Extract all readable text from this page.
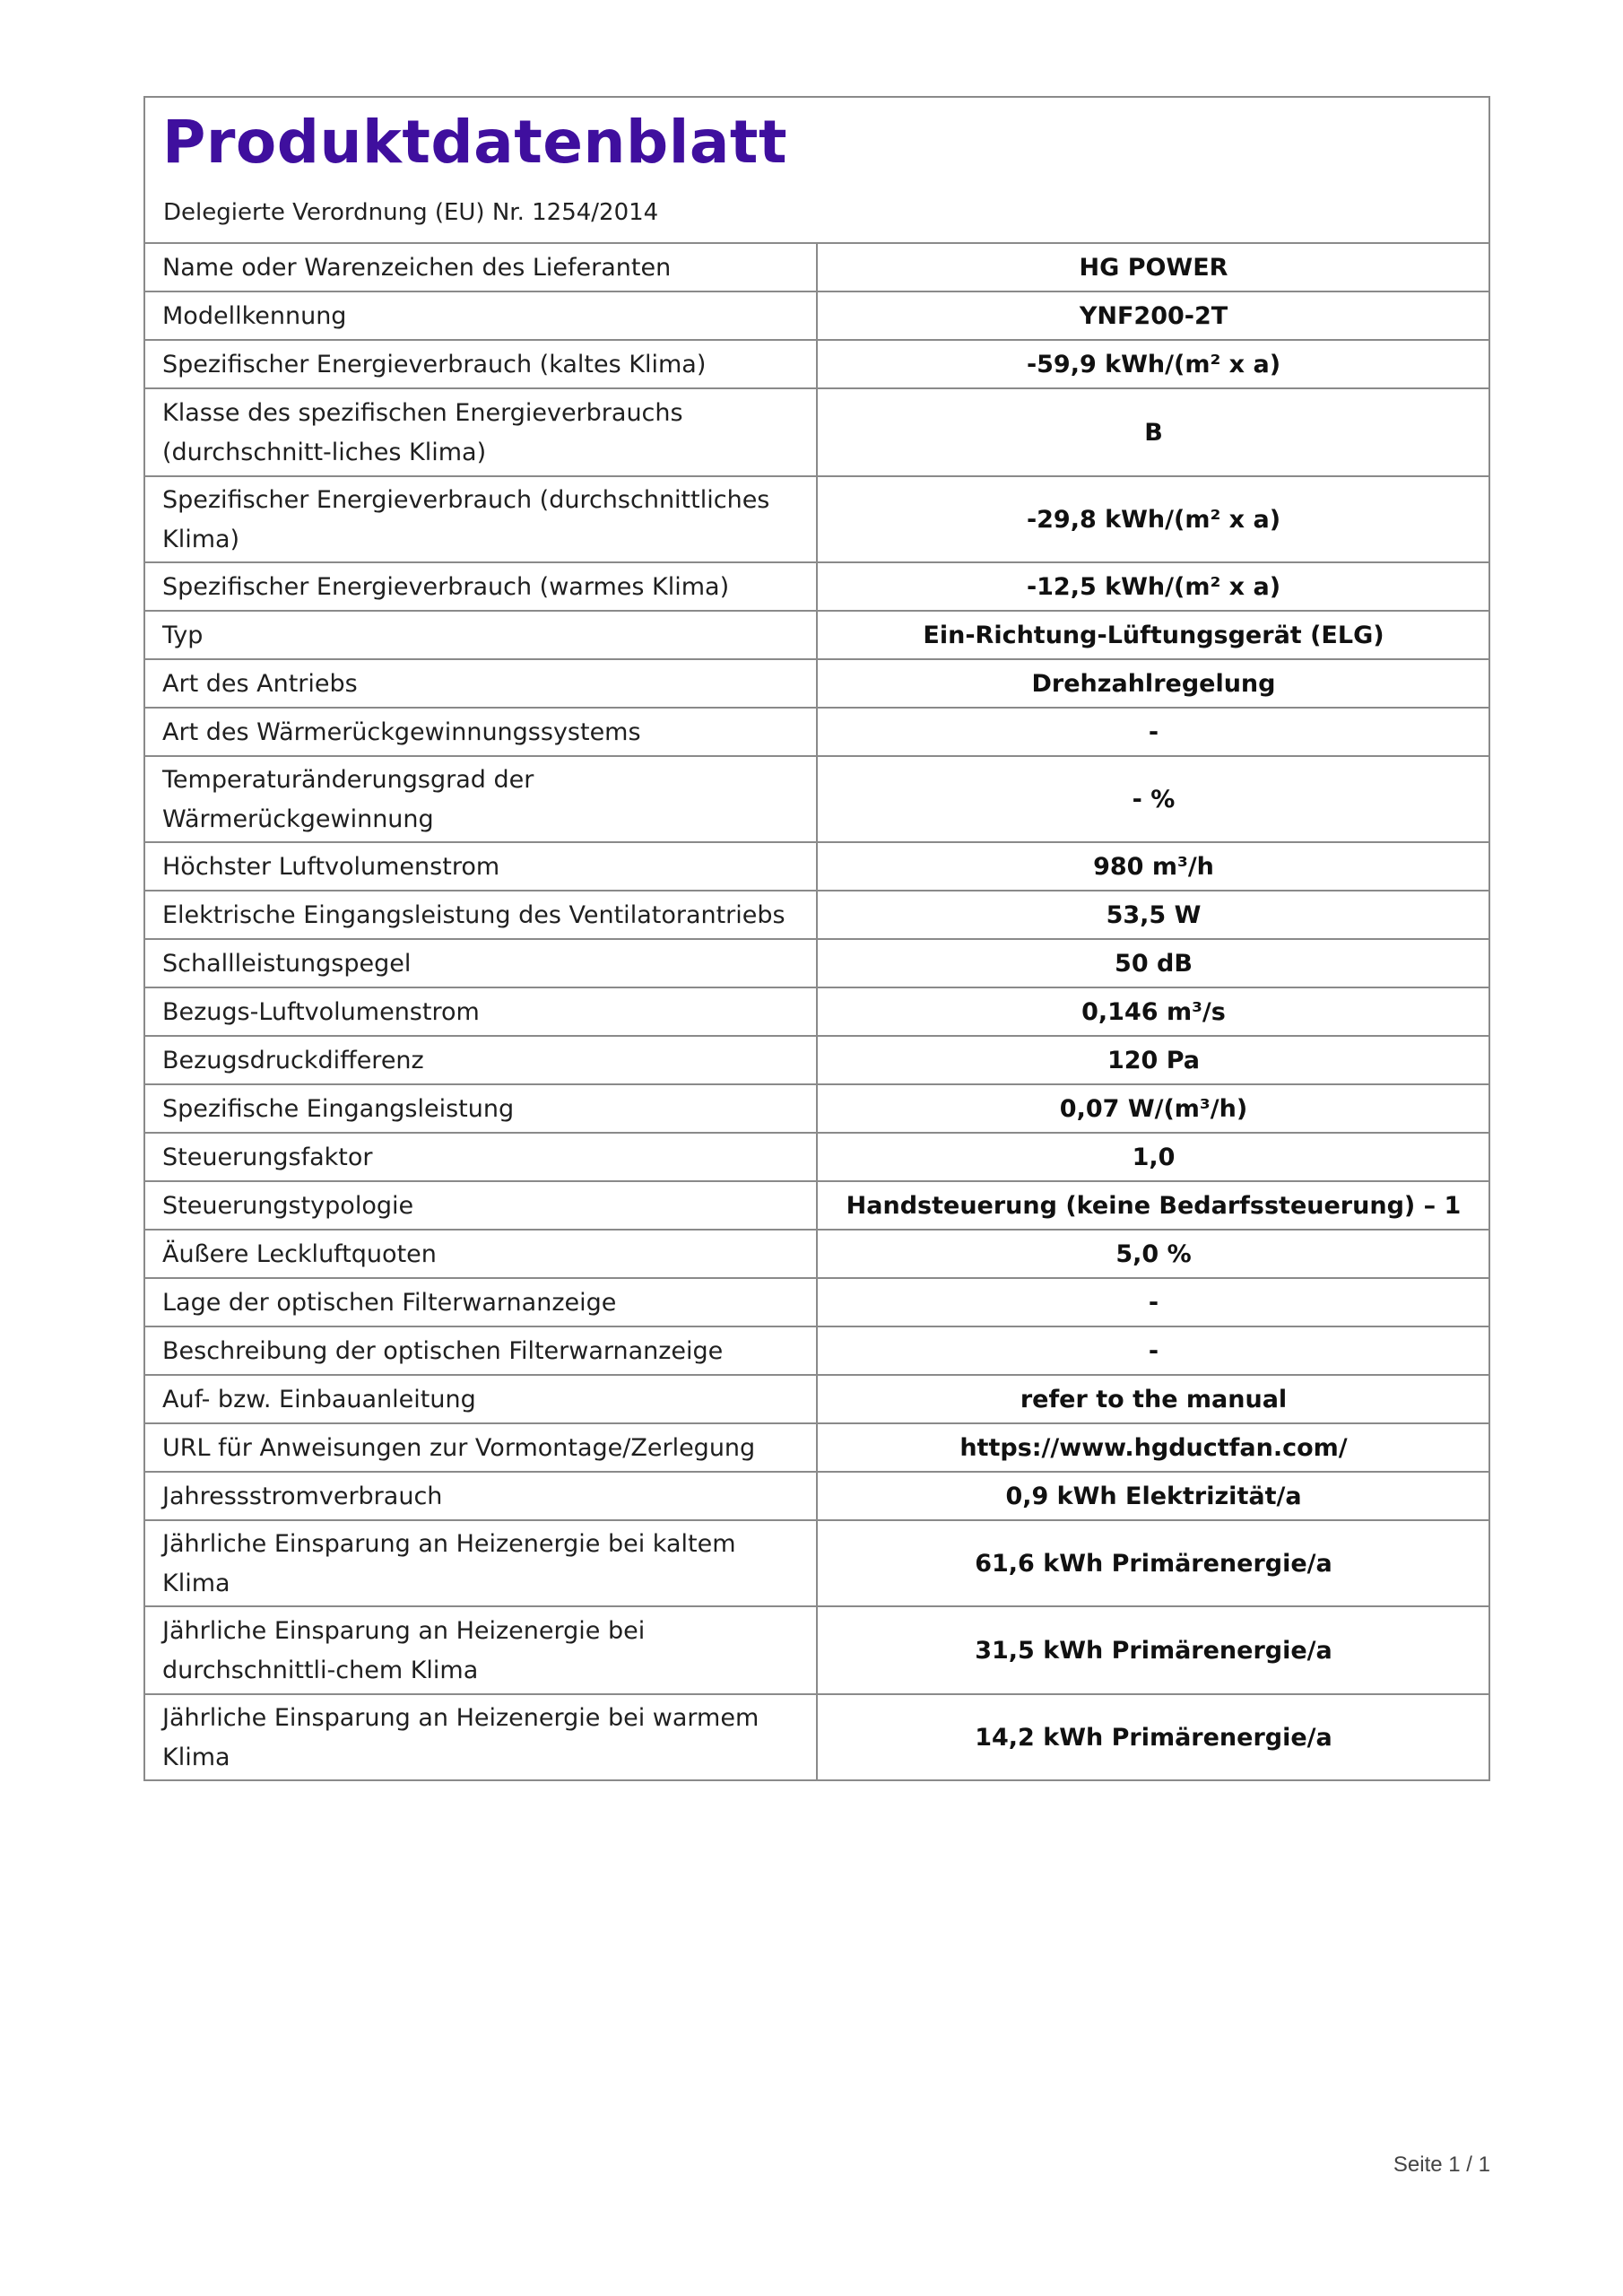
Produktdatenblatt
Delegierte Verordnung (EU) Nr. 1254/2014
Name oder Warenzeichen des Lieferanten	HG POWER
Modellkennung	YNF200-2T
Spezifischer Energieverbrauch (kaltes Klima)	-59,9 kWh/(m² x a)
Klasse des spezifischen Energieverbrauchs (durchschnitt-liches Klima)	B
Spezifischer Energieverbrauch (durchschnittliches Klima)	-29,8 kWh/(m² x a)
Spezifischer Energieverbrauch (warmes Klima)	-12,5 kWh/(m² x a)
Typ	Ein-Richtung-Lüftungsgerät (ELG)
Art des Antriebs	Drehzahlregelung
Art des Wärmerückgewinnungssystems	-
Temperaturänderungsgrad der Wärmerückgewinnung	- %
Höchster Luftvolumenstrom	980 m³/h
Elektrische Eingangsleistung des Ventilatorantriebs	53,5 W
Schallleistungspegel	50 dB
Bezugs-Luftvolumenstrom	0,146 m³/s
Bezugsdruckdifferenz	120 Pa
Spezifische Eingangsleistung	0,07 W/(m³/h)
Steuerungsfaktor	1,0
Steuerungstypologie	Handsteuerung (keine Bedarfssteuerung) – 1
Äußere Leckluftquoten	5,0 %
Lage der optischen Filterwarnanzeige	-
Beschreibung der optischen Filterwarnanzeige	-
Auf- bzw. Einbauanleitung	refer to the manual
URL für Anweisungen zur Vormontage/Zerlegung	https://www.hgductfan.com/
Jahressstromverbrauch	0,9 kWh Elektrizität/a
Jährliche Einsparung an Heizenergie bei kaltem Klima	61,6 kWh Primärenergie/a
Jährliche Einsparung an Heizenergie bei durchschnittli-chem Klima	31,5 kWh Primärenergie/a
Jährliche Einsparung an Heizenergie bei warmem Klima	14,2 kWh Primärenergie/a
Seite 1 / 1
